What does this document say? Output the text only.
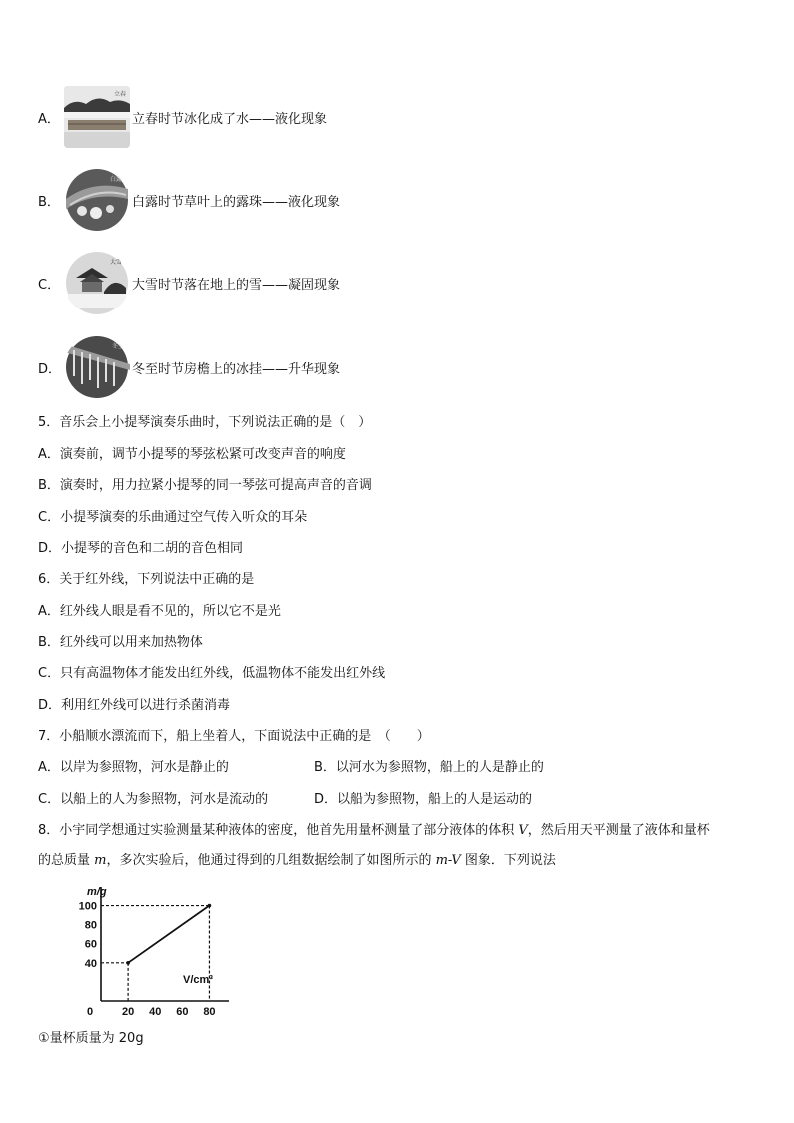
A．
立春
立春时节冰化成了水——液化现象
B．
白露
白露时节草叶上的露珠——液化现象
C．
大雪
大雪时节落在地上的雪——凝固现象
D．
冬至
冬至时节房檐上的冰挂——升华现象
5．音乐会上小提琴演奏乐曲时，下列说法正确的是（　）
A．演奏前，调节小提琴的琴弦松紧可改变声音的响度
B．演奏时，用力拉紧小提琴的同一琴弦可提高声音的音调
C．小提琴演奏的乐曲通过空气传入听众的耳朵
D．小提琴的音色和二胡的音色相同
6．关于红外线，下列说法中正确的是
A．红外线人眼是看不见的，所以它不是光
B．红外线可以用来加热物体
C．只有高温物体才能发出红外线，低温物体不能发出红外线
D．利用红外线可以进行杀菌消毒
7．小船顺水漂流而下，船上坐着人，下面说法中正确的是　（　　）
A．以岸为参照物，河水是静止的	B．以河水为参照物，船上的人是静止的
C．以船上的人为参照物，河水是流动的	D．以船为参照物，船上的人是运动的
8．小宇同学想通过实验测量某种液体的密度，他首先用量杯测量了部分液体的体积 V，然后用天平测量了液体和量杯
的总质量 m，多次实验后，他通过得到的几组数据绘制了如图所示的 m-V 图象．下列说法
m/g
V/cm³
0	20 40 60 80
40
60
80
100
①量杯质量为 20g
